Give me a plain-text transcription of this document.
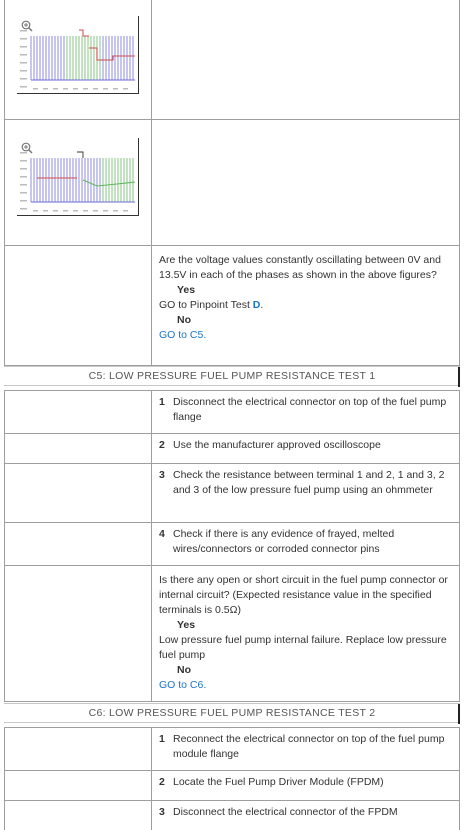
Are the voltage values constantly oscillating between 0V and 13.5V in each of the phases as shown in the above figures?
Yes
GO to Pinpoint Test D.
No
GO to C5.
C5: LOW PRESSURE FUEL PUMP RESISTANCE TEST 1
1 Disconnect the electrical connector on top of the fuel pump flange
2 Use the manufacturer approved oscilloscope
3 Check the resistance between terminal 1 and 2, 1 and 3, 2 and 3 of the low pressure fuel pump using an ohmmeter
4 Check if there is any evidence of frayed, melted wires/connectors or corroded connector pins
Is there any open or short circuit in the fuel pump connector or internal circuit? (Expected resistance value in the specified terminals is 0.5Ω)
Yes
Low pressure fuel pump internal failure. Replace low pressure fuel pump
No
GO to C6.
C6: LOW PRESSURE FUEL PUMP RESISTANCE TEST 2
1 Reconnect the electrical connector on top of the fuel pump module flange
2 Locate the Fuel Pump Driver Module (FPDM)
3 Disconnect the electrical connector of the FPDM
